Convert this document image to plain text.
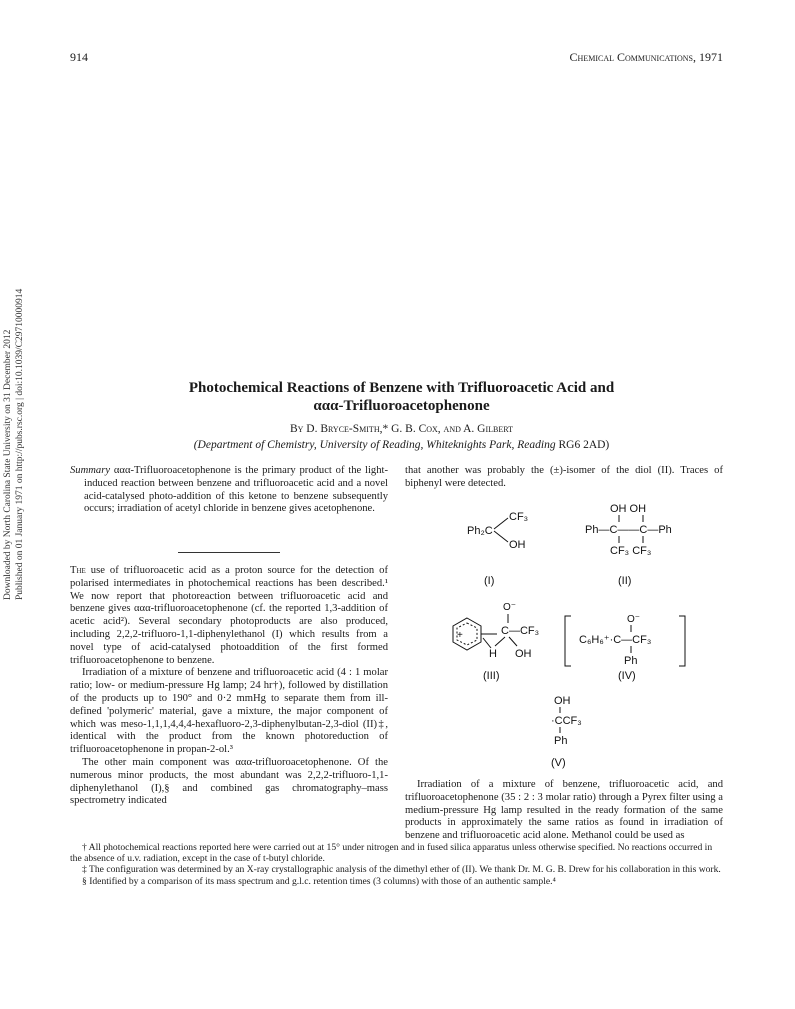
914	Chemical Communications, 1971
Downloaded by North Carolina State University on 31 December 2012 Published on 01 January 1971 on http://pubs.rsc.org | doi:10.1039/C29710000914	Photochemical Reactions of Benzene with Trifluoroacetic Acid and
ααα-Trifluoroacetophenone
By D. Bryce-Smith,* G. B. Cox, and A. Gilbert
(Department of Chemistry, University of Reading, Whiteknights Park, Reading RG6 2AD)

Summary ααα-Trifluoroacetophenone is the primary product of the light-induced reaction between benzene and trifluoroacetic acid and a novel acid-catalysed photo-addition of this ketone to benzene subsequently occurs; irradiation of acetyl chloride in benzene gives acetophenone.

The use of trifluoroacetic acid as a proton source for the detection of polarised intermediates in photochemical reactions has been described.¹ We now report that photoreaction between trifluoroacetic acid and benzene gives ααα-trifluoroacetophenone (cf. the reported 1,3-addition of acetic acid²). Several secondary photoproducts are also produced, including 2,2,2-trifluoro-1,1-diphenylethanol (I) which results from a novel type of acid-catalysed photoaddition of the first formed trifluoroacetophenone to benzene.

Irradiation of a mixture of benzene and trifluoroacetic acid (4 : 1 molar ratio; low- or medium-pressure Hg lamp; 24 hr†), followed by distillation of the products up to 190° and 0·2 mmHg to separate them from ill-defined 'polymeric' material, gave a mixture, the major component of which was meso-1,1,1,4,4,4-hexafluoro-2,3-diphenylbutan-2,3-diol (II)‡, identical with the product from the known photoreduction of trifluoroacetophenone in propan-2-ol.³

The other main component was ααα-trifluoroacetophenone. Of the numerous minor products, the most abundant was 2,2,2-trifluoro-1,1-diphenylethanol (I),§ and combined gas chromatography–mass spectrometry indicated

that another was probably the (±)-isomer of the diol (II). Traces of biphenyl were detected.
Ph₂C
CF₃
OH
(I)
OH OH
Ph—C——C—Ph
CF₃ CF₃
(II)
+
O⁻
C—CF₃
H OH
(III)
O⁻
C₆H₆⁺·C—CF₃
Ph
(IV)
OH
·CCF₃
Ph
(V)

Irradiation of a mixture of benzene, trifluoroacetic acid, and trifluoroacetophenone (35 : 2 : 3 molar ratio) through a Pyrex filter using a medium-pressure Hg lamp resulted in the ready formation of the same products in approximately the same ratios as found in irradiation of benzene and trifluoroacetic acid alone. Methanol could be used as

† All photochemical reactions reported here were carried out at 15° under nitrogen and in fused silica apparatus unless otherwise specified. No reactions occurred in the absence of u.v. radiation, except in the case of t-butyl chloride.

‡ The configuration was determined by an X-ray crystallographic analysis of the dimethyl ether of (II). We thank Dr. M. G. B. Drew for his collaboration in this work.

§ Identified by a comparison of its mass spectrum and g.l.c. retention times (3 columns) with those of an authentic sample.⁴
